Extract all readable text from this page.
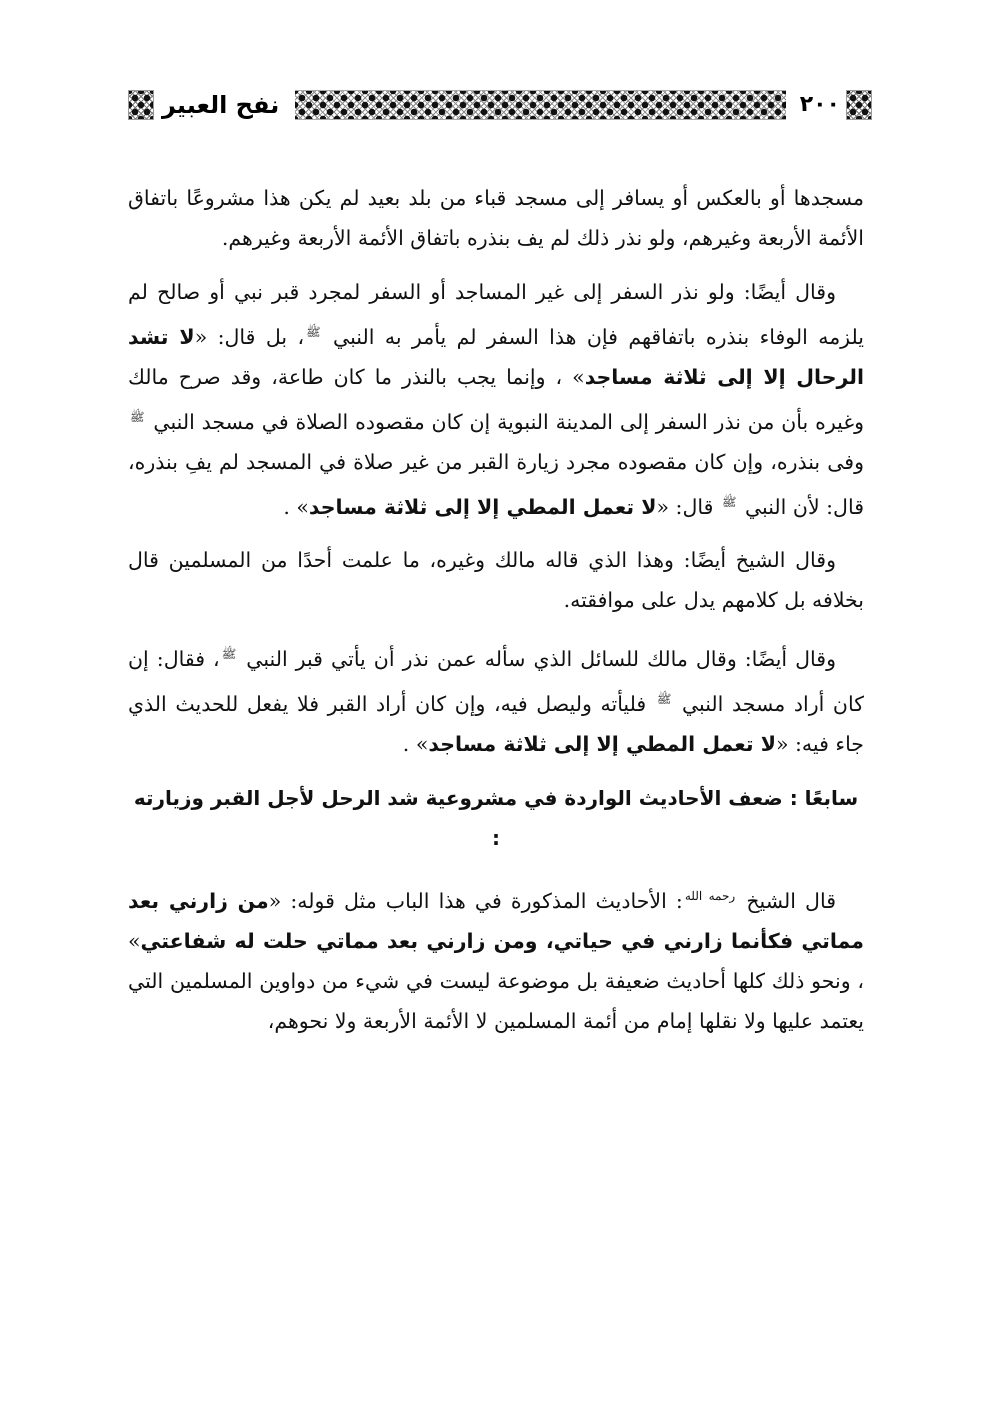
نفح العبير	٢٠٠

مسجدها أو بالعكس أو يسافر إلى مسجد قباء من بلد بعيد لم يكن هذا مشروعًا باتفاق الأئمة الأربعة وغيرهم، ولو نذر ذلك لم يف بنذره باتفاق الأئمة الأربعة وغيرهم.

وقال أيضًا: ولو نذر السفر إلى غير المساجد أو السفر لمجرد قبر نبي أو صالح لم يلزمه الوفاء بنذره باتفاقهم فإن هذا السفر لم يأمر به النبي $^ﷺ$، بل قال: «لا تشد الرحال إلا إلى ثلاثة مساجد» ، وإنما يجب بالنذر ما كان طاعة، وقد صرح مالك وغيره بأن من نذر السفر إلى المدينة النبوية إن كان مقصوده الصلاة في مسجد النبي $^ﷺ$ وفى بنذره، وإن كان مقصوده مجرد زيارة القبر من غير صلاة في المسجد لم يفِ بنذره، قال: لأن النبي $^ﷺ$ قال: «لا تعمل المطي إلا إلى ثلاثة مساجد» .

وقال الشيخ أيضًا: وهذا الذي قاله مالك وغيره، ما علمت أحدًا من المسلمين قال بخلافه بل كلامهم يدل على موافقته.

وقال أيضًا: وقال مالك للسائل الذي سأله عمن نذر أن يأتي قبر النبي $^ﷺ$، فقال: إن كان أراد مسجد النبي $^ﷺ$ فليأته وليصل فيه، وإن كان أراد القبر فلا يفعل للحديث الذي جاء فيه: «لا تعمل المطي إلا إلى ثلاثة مساجد» .

سابعًا : ضعف الأحاديث الواردة في مشروعية شد الرحل لأجل القبر وزيارته :

قال الشيخ $^{رحمه الله}$: الأحاديث المذكورة في هذا الباب مثل قوله: «من زارني بعد مماتي فكأنما زارني في حياتي، ومن زارني بعد مماتي حلت له شفاعتي» ، ونحو ذلك كلها أحاديث ضعيفة بل موضوعة ليست في شيء من دواوين المسلمين التي يعتمد عليها ولا نقلها إمام من أئمة المسلمين لا الأئمة الأربعة ولا نحوهم،
